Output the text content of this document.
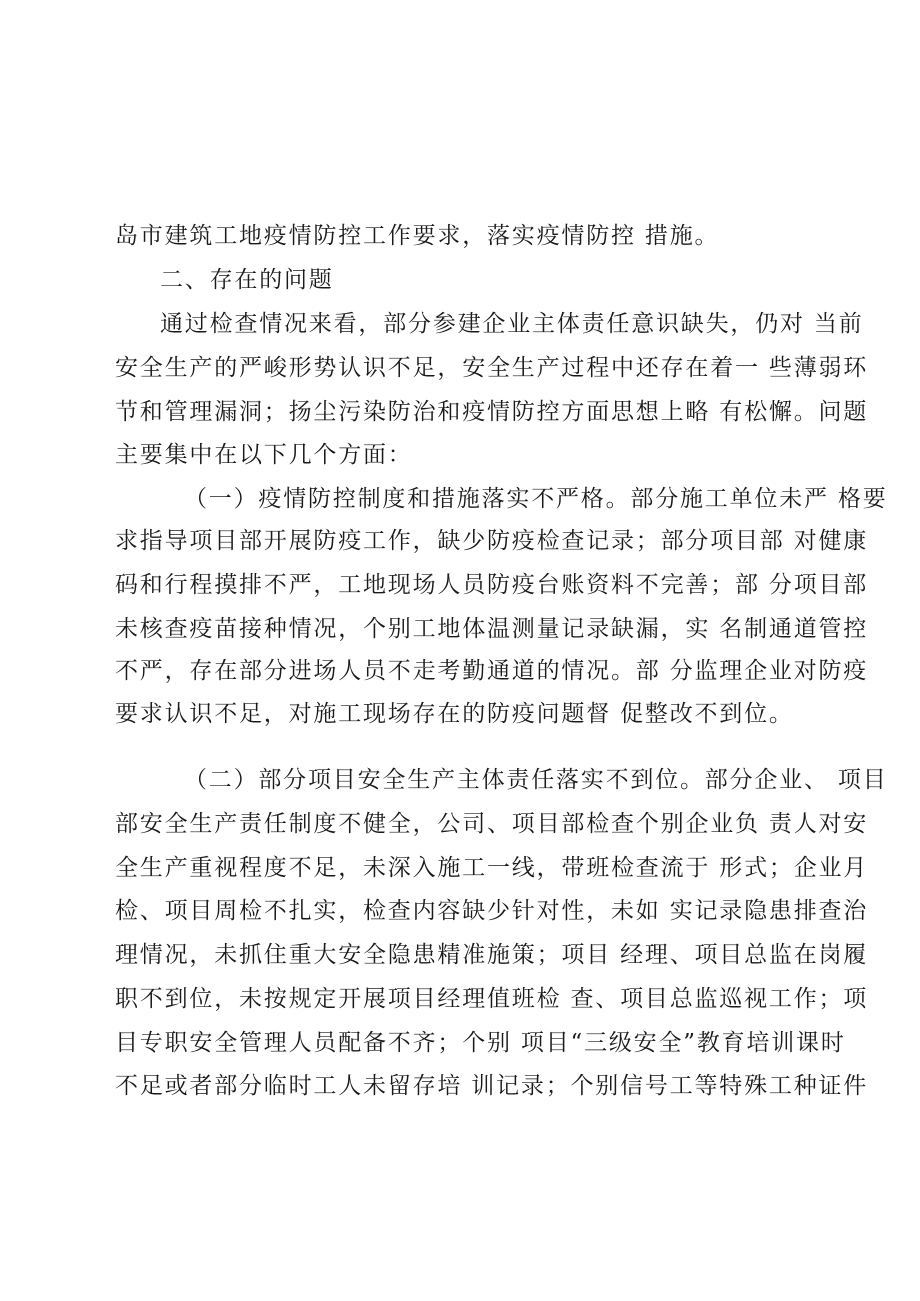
岛市建筑工地疫情防控工作要求，落实疫情防控 措施。
二、存在的问题
通过检查情况来看，部分参建企业主体责任意识缺失，仍对 当前
安全生产的严峻形势认识不足，安全生产过程中还存在着一 些薄弱环
节和管理漏洞；扬尘污染防治和疫情防控方面思想上略 有松懈。问题
主要集中在以下几个方面：
（一）疫情防控制度和措施落实不严格。部分施工单位未严 格要
求指导项目部开展防疫工作，缺少防疫检查记录；部分项目部 对健康
码和行程摸排不严，工地现场人员防疫台账资料不完善；部 分项目部
未核查疫苗接种情况，个别工地体温测量记录缺漏，实 名制通道管控
不严，存在部分进场人员不走考勤通道的情况。部 分监理企业对防疫
要求认识不足，对施工现场存在的防疫问题督 促整改不到位。
（二）部分项目安全生产主体责任落实不到位。部分企业、 项目
部安全生产责任制度不健全，公司、项目部检查个别企业负 责人对安
全生产重视程度不足，未深入施工一线，带班检查流于 形式；企业月
检、项目周检不扎实，检查内容缺少针对性，未如 实记录隐患排查治
理情况，未抓住重大安全隐患精准施策；项目 经理、项目总监在岗履
职不到位，未按规定开展项目经理值班检 查、项目总监巡视工作；项
目专职安全管理人员配备不齐；个别 项目“三级安全”教育培训课时
不足或者部分临时工人未留存培 训记录；个别信号工等特殊工种证件
